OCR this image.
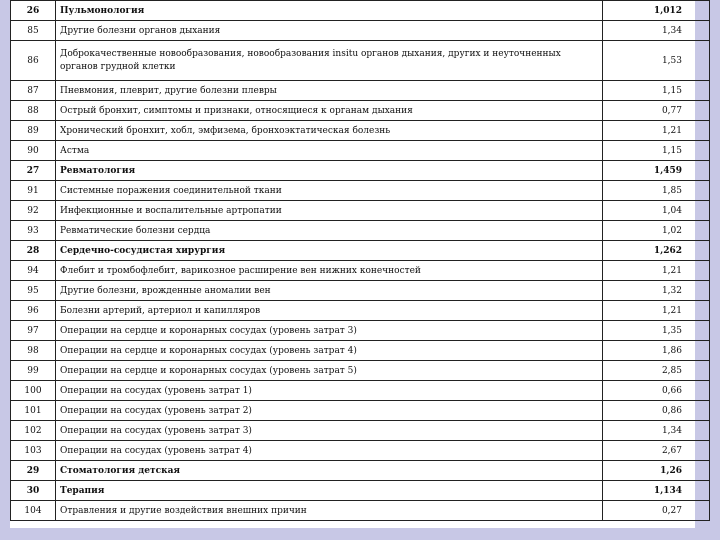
26	Пульмонология	1,012
85	Другие болезни органов дыхания	1,34
86	Доброкачественные новообразования, новообразования insitu органов дыхания, других и неуточненных органов грудной клетки	1,53
87	Пневмония, плеврит, другие болезни плевры	1,15
88	Острый бронхит, симптомы и признаки, относящиеся к органам дыхания	0,77
89	Хронический бронхит, хобл, эмфизема, бронхоэктатическая болезнь	1,21
90	Астма	1,15
27	Ревматология	1,459
91	Системные поражения соединительной ткани	1,85
92	Инфекционные и воспалительные артропатии	1,04
93	Ревматические болезни сердца	1,02
28	Сердечно-сосудистая хирургия	1,262
94	Флебит и тромбофлебит, варикозное расширение вен нижних конечностей	1,21
95	Другие болезни, врожденные аномалии вен	1,32
96	Болезни артерий, артериол и капилляров	1,21
97	Операции на сердце и коронарных сосудах (уровень затрат 3)	1,35
98	Операции на сердце и коронарных сосудах (уровень затрат 4)	1,86
99	Операции на сердце и коронарных сосудах (уровень затрат 5)	2,85
100	Операции на сосудах (уровень затрат 1)	0,66
101	Операции на сосудах (уровень затрат 2)	0,86
102	Операции на сосудах (уровень затрат 3)	1,34
103	Операции на сосудах (уровень затрат 4)	2,67
29	Стоматология детская	1,26
30	Терапия	1,134
104	Отравления и другие воздействия внешних причин	0,27
